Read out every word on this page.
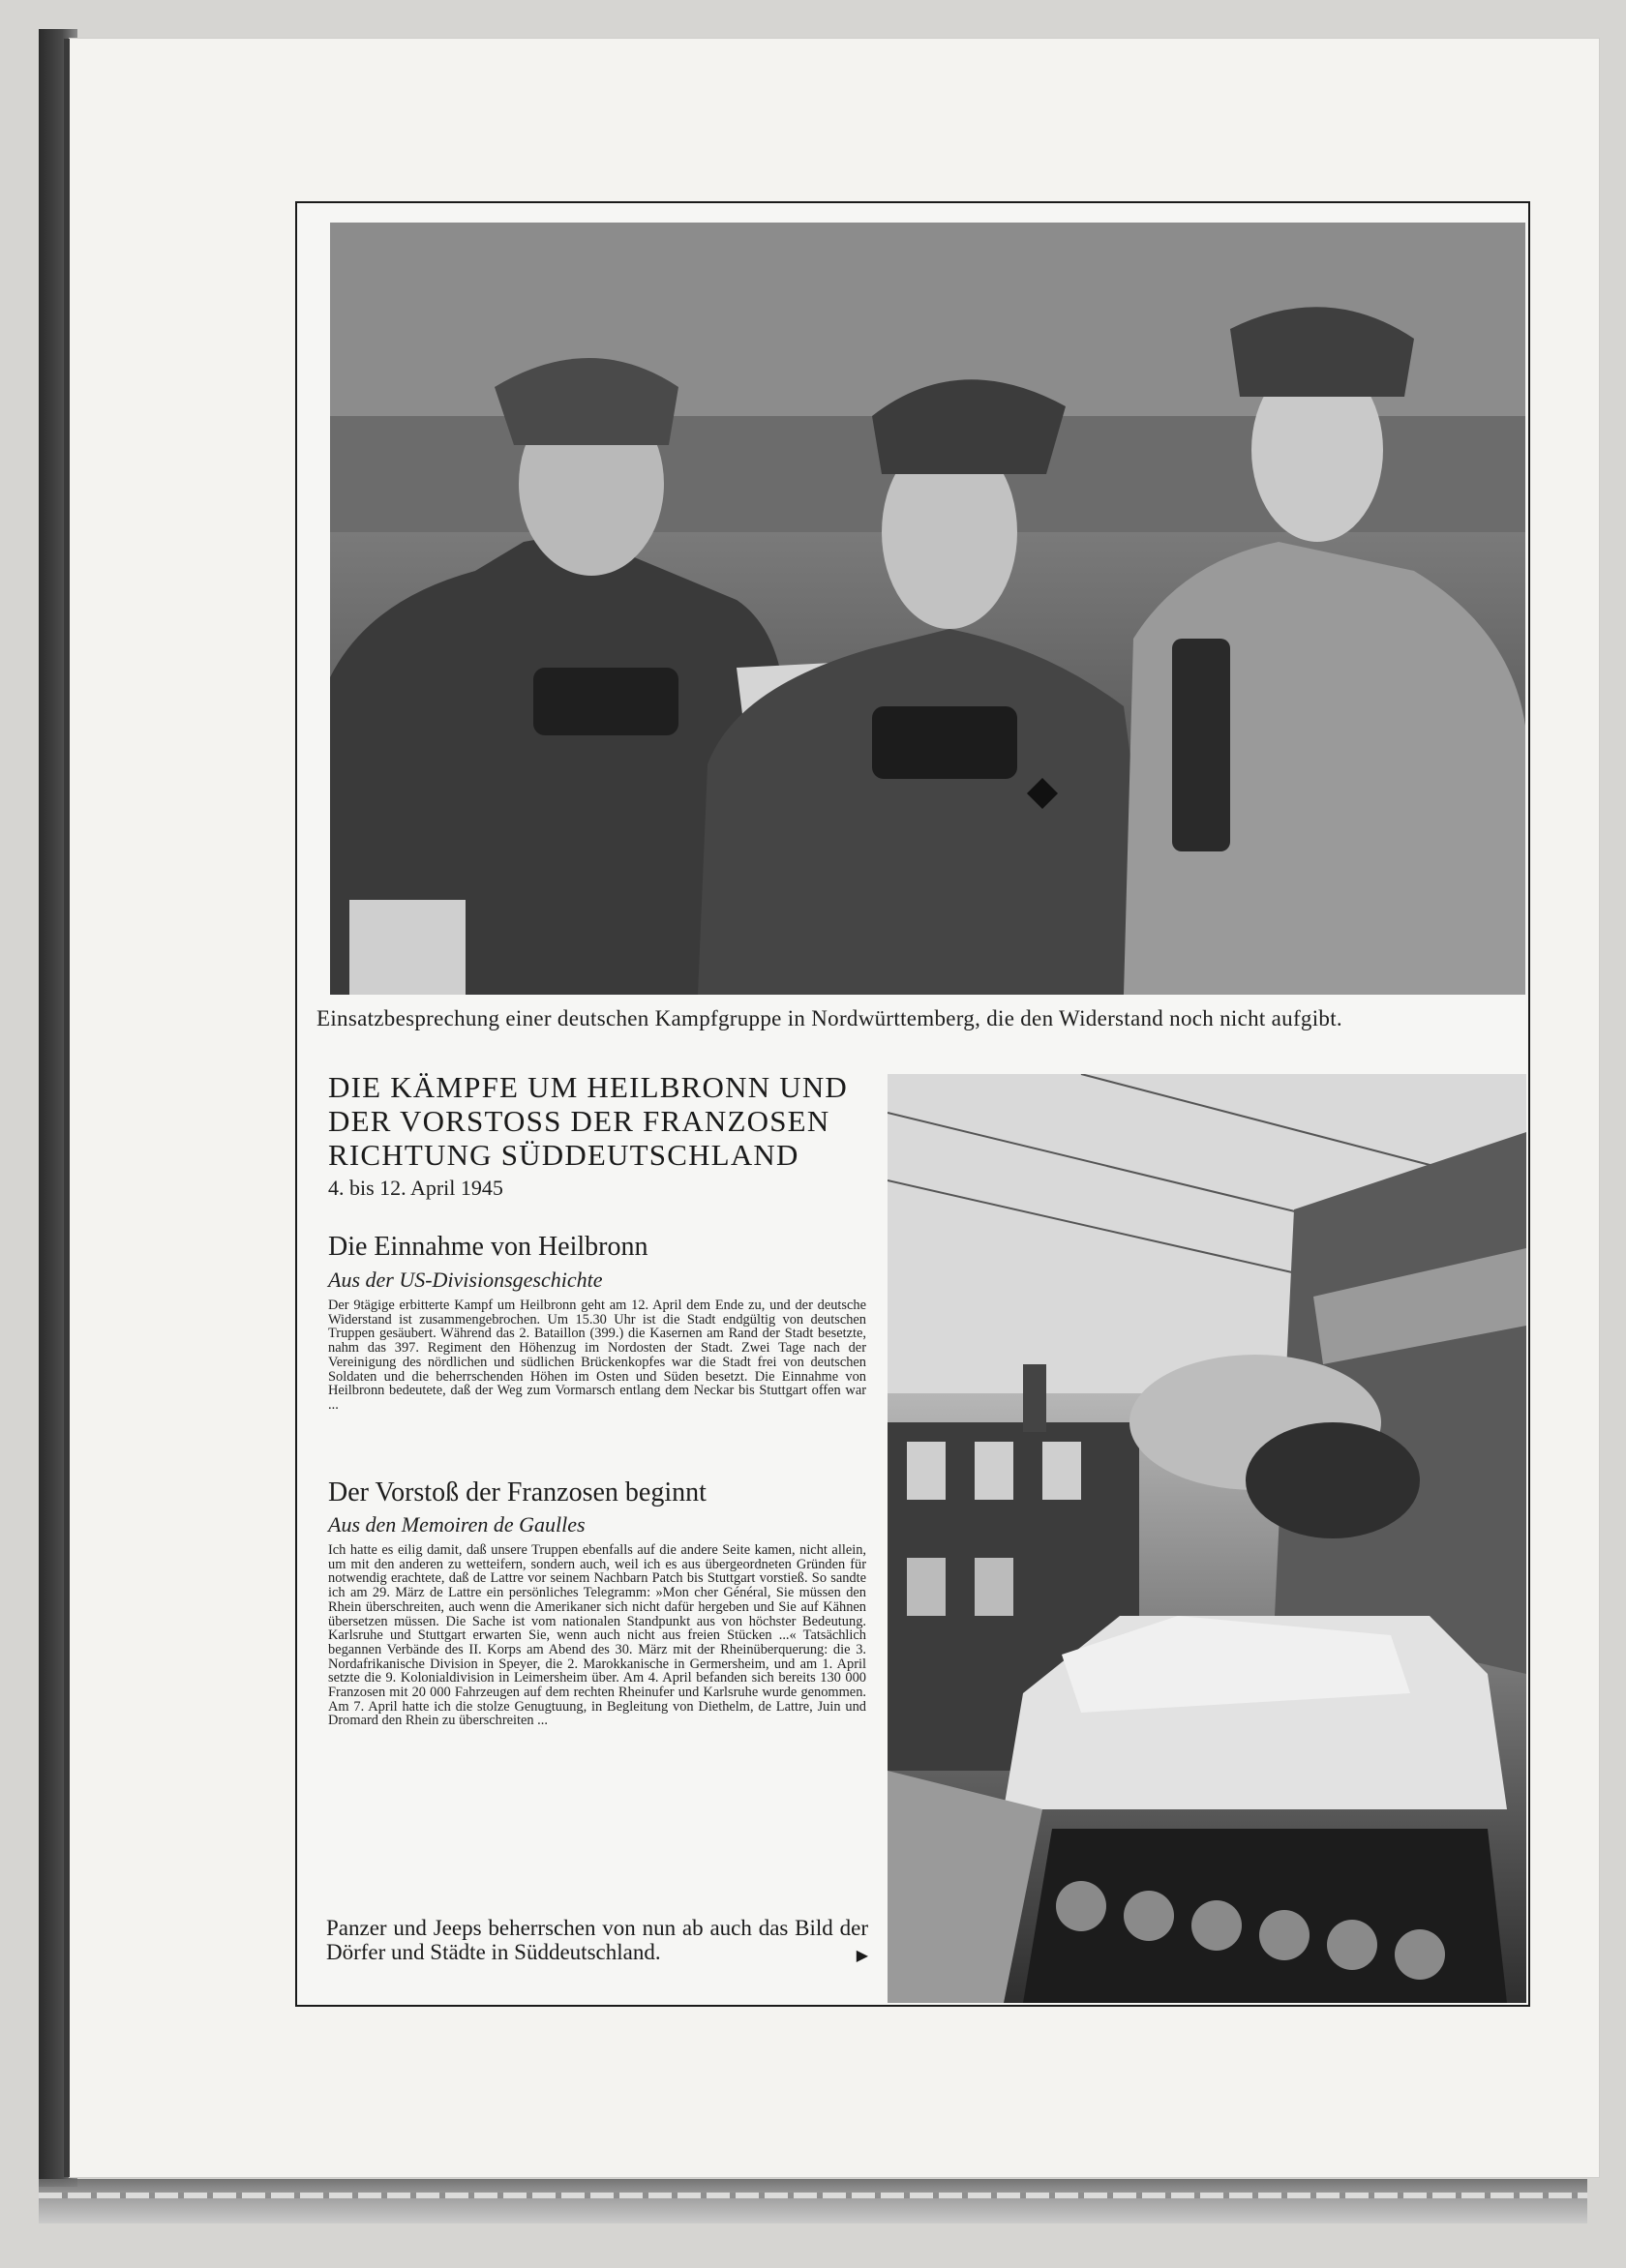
Einsatzbesprechung einer deutschen Kampfgruppe in Nordwürttemberg, die den Widerstand noch nicht aufgibt.
DIE KÄMPFE UM HEILBRONN UND
DER VORSTOSS DER FRANZOSEN
RICHTUNG SÜDDEUTSCHLAND
4. bis 12. April 1945
Die Einnahme von Heilbronn
Aus der US-Divisionsgeschichte
Der 9tägige erbitterte Kampf um Heilbronn geht am 12. April dem Ende zu, und der deutsche Widerstand ist zusammengebrochen. Um 15.30 Uhr ist die Stadt endgültig von deutschen Truppen gesäubert. Während das 2. Bataillon (399.) die Kasernen am Rand der Stadt besetzte, nahm das 397. Regiment den Höhenzug im Nordosten der Stadt. Zwei Tage nach der Vereinigung des nördlichen und südlichen Brückenkopfes war die Stadt frei von deutschen Soldaten und die beherrschenden Höhen im Osten und Süden besetzt. Die Einnahme von Heilbronn bedeutete, daß der Weg zum Vormarsch entlang dem Neckar bis Stuttgart offen war ...
Der Vorstoß der Franzosen beginnt
Aus den Memoiren de Gaulles
Ich hatte es eilig damit, daß unsere Truppen ebenfalls auf die andere Seite kamen, nicht allein, um mit den anderen zu wetteifern, sondern auch, weil ich es aus übergeordneten Gründen für notwendig erachtete, daß de Lattre vor seinem Nachbarn Patch bis Stuttgart vorstieß. So sandte ich am 29. März de Lattre ein persönliches Telegramm: »Mon cher Général, Sie müssen den Rhein überschreiten, auch wenn die Amerikaner sich nicht dafür hergeben und Sie auf Kähnen übersetzen müssen. Die Sache ist vom nationalen Standpunkt aus von höchster Bedeutung. Karlsruhe und Stuttgart erwarten Sie, wenn auch nicht aus freien Stücken ...« Tatsächlich begannen Verbände des II. Korps am Abend des 30. März mit der Rheinüberquerung: die 3. Nordafrikanische Division in Speyer, die 2. Marokkanische in Germersheim, und am 1. April setzte die 9. Kolonialdivision in Leimersheim über. Am 4. April befanden sich bereits 130 000 Franzosen mit 20 000 Fahrzeugen auf dem rechten Rheinufer und Karlsruhe wurde genommen. Am 7. April hatte ich die stolze Genugtuung, in Begleitung von Diethelm, de Lattre, Juin und Dromard den Rhein zu überschreiten ...
Panzer und Jeeps beherrschen von nun ab auch das Bild der Dörfer und Städte in Süddeutschland.	▶
